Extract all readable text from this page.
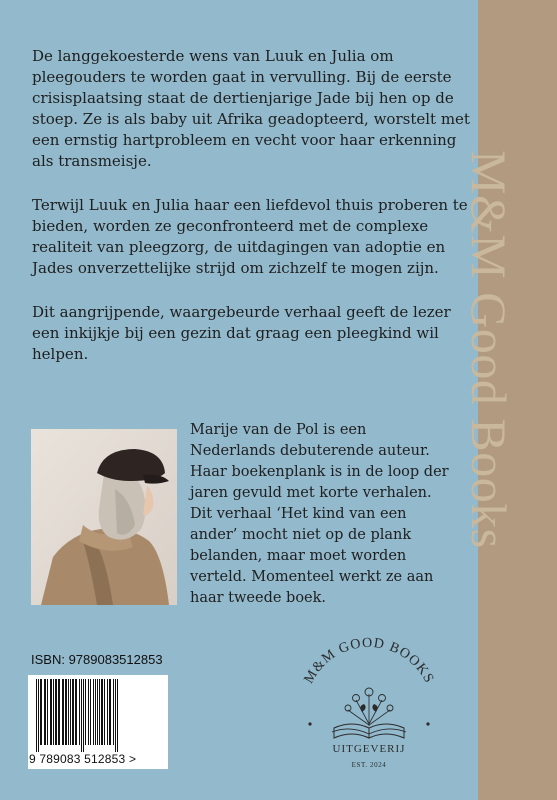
M&M Good Books

De langgekoesterde wens van Luuk en Julia om pleegouders te worden gaat in vervulling. Bij de eerste crisisplaatsing staat de dertienjarige Jade bij hen op de stoep. Ze is als baby uit Afrika geadopteerd, worstelt met een ernstig hartprobleem en vecht voor haar erkenning als transmeisje.

Terwijl Luuk en Julia haar een liefdevol thuis proberen te bieden, worden ze geconfronteerd met de complexe realiteit van pleegzorg, de uitdagingen van adoptie en Jades onverzettelijke strijd om zichzelf te mogen zijn.

Dit aangrijpende, waargebeurde verhaal geeft de lezer een inkijkje bij een gezin dat graag een pleegkind wil helpen.

Marije van de Pol is een Nederlands debuterende auteur. Haar boekenplank is in de loop der jaren gevuld met korte verhalen. Dit verhaal ‘Het kind van een ander’ mocht niet op de plank belanden, maar moet worden verteld. Momenteel werkt ze aan haar tweede boek.
ISBN: 9789083512853
9 789083 512853 >
M&M GOOD BOOKS
UITGEVERIJ
EST. 2024
